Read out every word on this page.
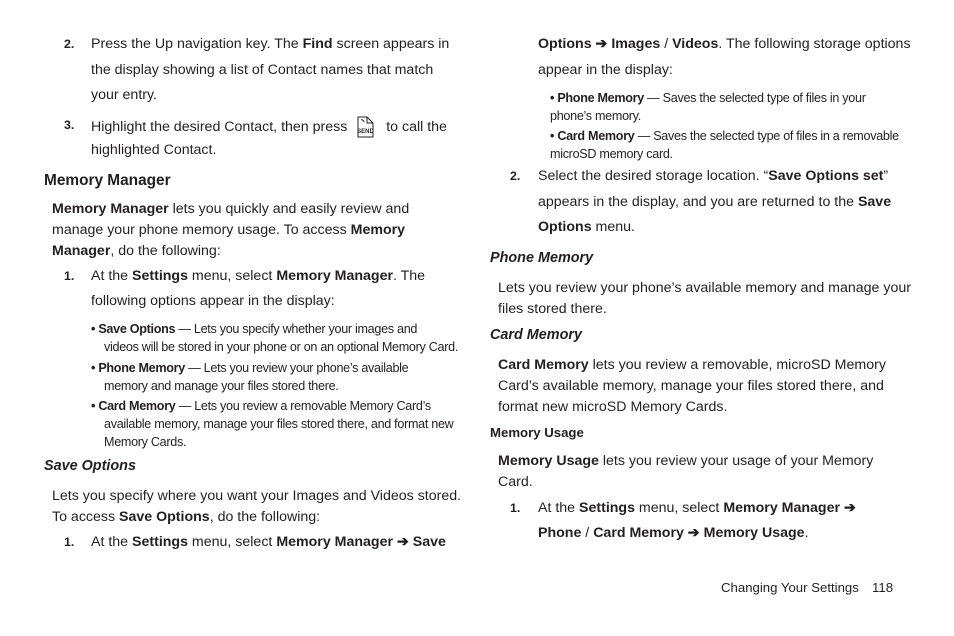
2. Press the Up navigation key. The Find screen appears in
the display showing a list of Contact names that match
your entry.
3. Highlight the desired Contact, then press SEND to call the
highlighted Contact.
Memory Manager
Memory Manager lets you quickly and easily review and
manage your phone memory usage. To access Memory
Manager, do the following:
1. At the Settings menu, select Memory Manager. The
following options appear in the display:
• Save Options — Lets you specify whether your images and
videos will be stored in your phone or on an optional Memory Card.
• Phone Memory — Lets you review your phone’s available
memory and manage your files stored there.
• Card Memory — Lets you review a removable Memory Card’s
available memory, manage your files stored there, and format new
Memory Cards.
Save Options
Lets you specify where you want your Images and Videos stored.
To access Save Options, do the following:
1. At the Settings menu, select Memory Manager ➔ Save
Options ➔ Images / Videos. The following storage options
appear in the display:
• Phone Memory — Saves the selected type of files in your
phone’s memory.
• Card Memory — Saves the selected type of files in a removable
microSD memory card.
2. Select the desired storage location. “Save Options set”
appears in the display, and you are returned to the Save
Options menu.
Phone Memory
Lets you review your phone’s available memory and manage your
files stored there.
Card Memory
Card Memory lets you review a removable, microSD Memory
Card’s available memory, manage your files stored there, and
format new microSD Memory Cards.
Memory Usage
Memory Usage lets you review your usage of your Memory
Card.
1. At the Settings menu, select Memory Manager ➔
Phone / Card Memory ➔ Memory Usage.
Changing Your Settings 118
